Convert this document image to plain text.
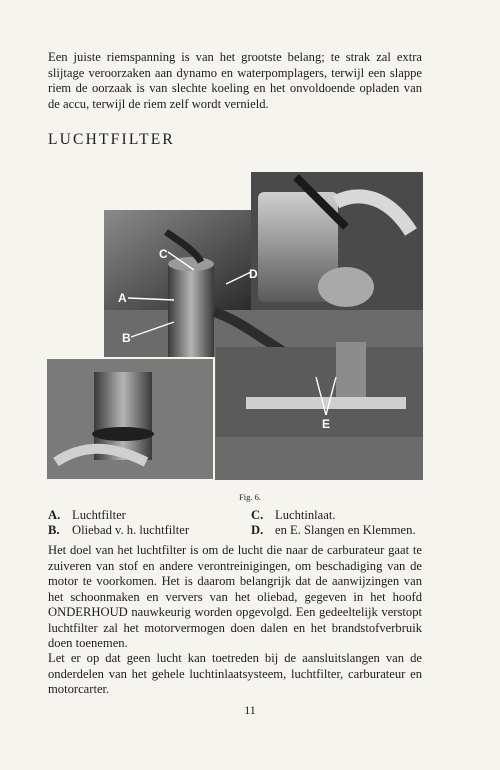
Een juiste riemspanning is van het grootste belang; te strak zal extra slijtage veroorzaken aan dynamo en waterpomplagers, terwijl een slappe riem de oorzaak is van slechte koeling en het onvoldoende opladen van de accu, terwijl de riem zelf wordt vernield.

LUCHTFILTER
C
A
B
D
E
Fig. 6.
A. Luchtfilter	C. Luchtinlaat.
B. Oliebad v. h. luchtfilter	D. en E. Slangen en Klemmen.

Het doel van het luchtfilter is om de lucht die naar de carburateur gaat te zuiveren van stof en andere verontreinigingen, om beschadiging van de motor te voorkomen. Het is daarom belangrijk dat de aanwijzingen van het schoonmaken en ververs van het oliebad, gegeven in het hoofd ONDERHOUD nauwkeurig worden opgevolgd. Een gedeeltelijk verstopt luchtfilter zal het motorvermogen doen dalen en het brandstofverbruik doen toenemen.

Let er op dat geen lucht kan toetreden bij de aansluitslangen van de onderdelen van het gehele luchtinlaatsysteem, luchtfilter, carburateur en motorcarter.

11
